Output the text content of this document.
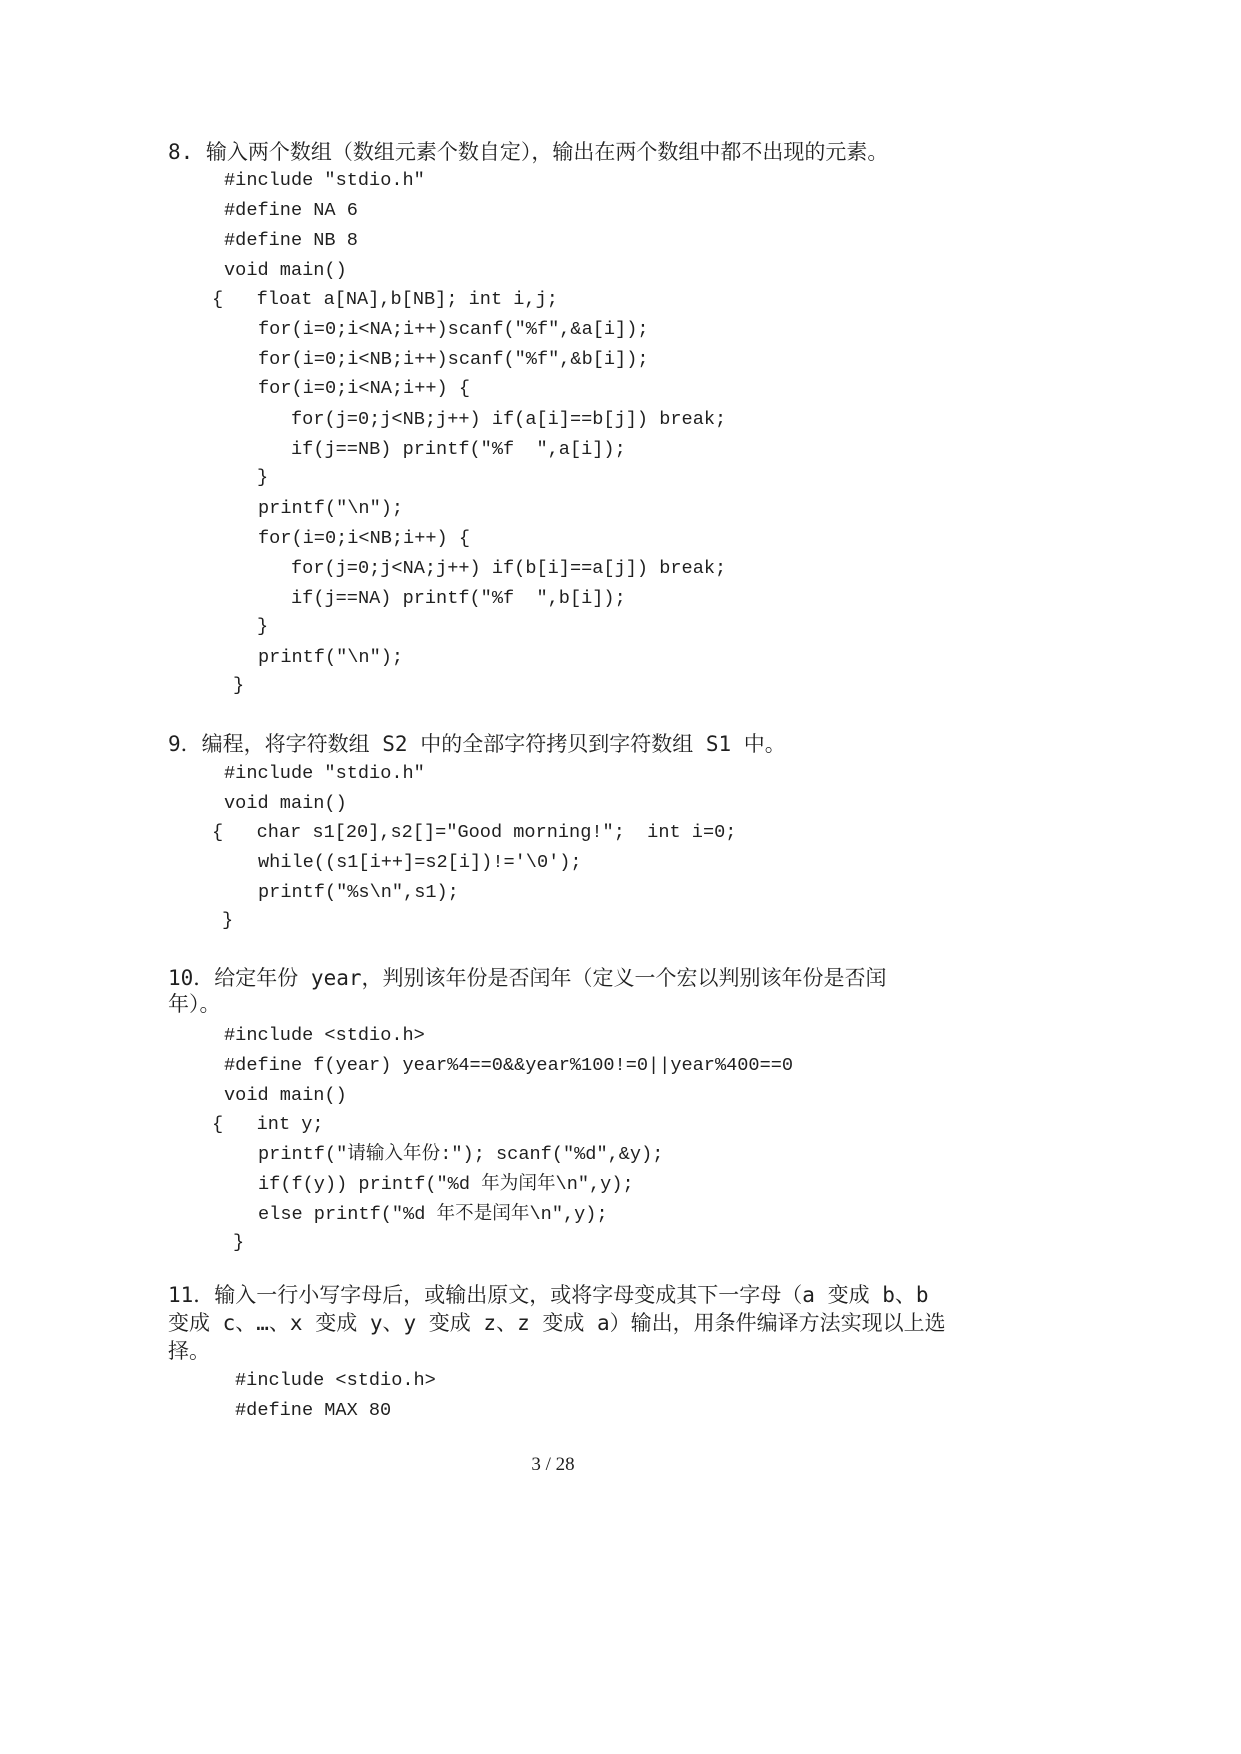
8. 输入两个数组（数组元素个数自定），输出在两个数组中都不出现的元素。
#include "stdio.h"
#define NA 6
#define NB 8
void main()
{   float a[NA],b[NB]; int i,j;
for(i=0;i<NA;i++)scanf("%f",&a[i]);
for(i=0;i<NB;i++)scanf("%f",&b[i]);
for(i=0;i<NA;i++) {
for(j=0;j<NB;j++) if(a[i]==b[j]) break;
if(j==NB) printf("%f  ",a[i]);
}
printf("\n");
for(i=0;i<NB;i++) {
for(j=0;j<NA;j++) if(b[i]==a[j]) break;
if(j==NA) printf("%f  ",b[i]);
}
printf("\n");
}
9．编程，将字符数组 S2 中的全部字符拷贝到字符数组 S1 中。
#include "stdio.h"
void main()
{   char s1[20],s2[]="Good morning!";  int i=0;
while((s1[i++]=s2[i])!='\0');
printf("%s\n",s1);
}
10．给定年份 year，判别该年份是否闰年（定义一个宏以判别该年份是否闰
年）。
#include <stdio.h>
#define f(year) year%4==0&&year%100!=0||year%400==0
void main()
{   int y;
printf("请输入年份:"); scanf("%d",&y);
if(f(y)) printf("%d 年为闰年\n",y);
else printf("%d 年不是闰年\n",y);
}
11．输入一行小写字母后，或输出原文，或将字母变成其下一字母（a 变成 b、b
变成 c、…、x 变成 y、y 变成 z、z 变成 a）输出，用条件编译方法实现以上选
择。
#include <stdio.h>
#define MAX 80
3 / 28
